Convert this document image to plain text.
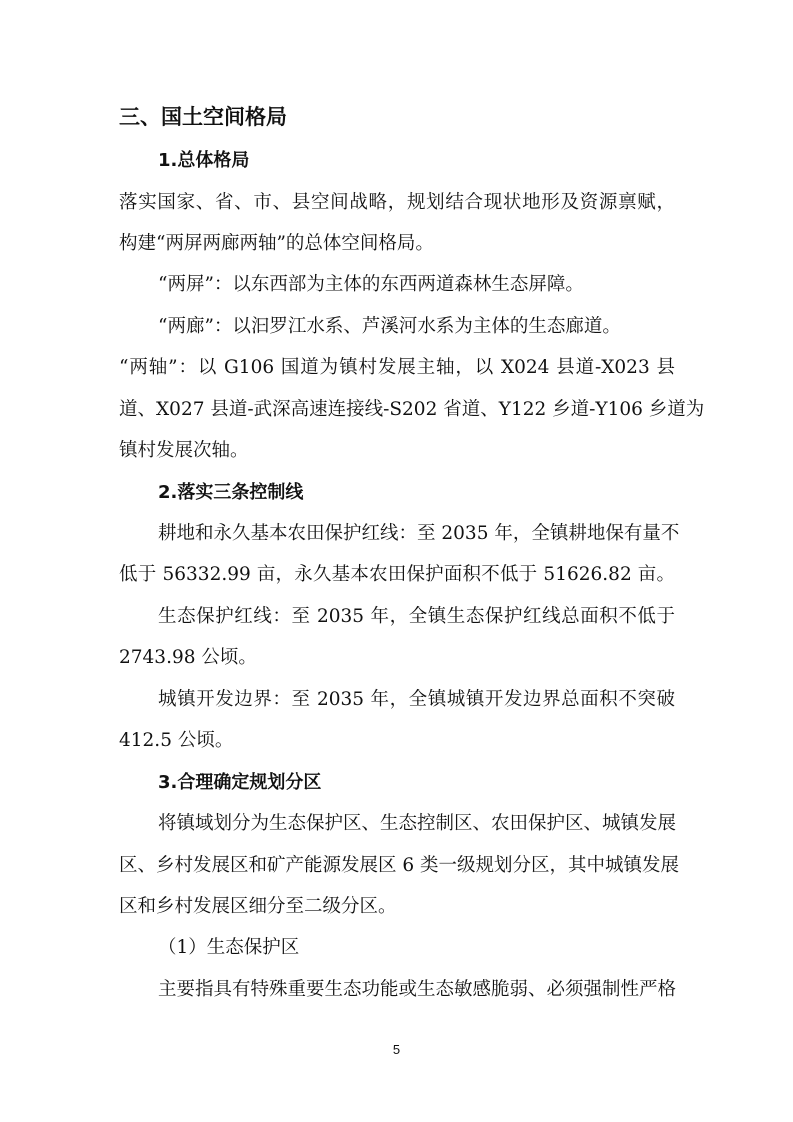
三、国土空间格局
1.总体格局
落实国家、省、市、县空间战略，规划结合现状地形及资源禀赋，
构建“两屏两廊两轴”的总体空间格局。
“两屏”：以东西部为主体的东西两道森林生态屏障。
“两廊”：以汩罗江水系、芦溪河水系为主体的生态廊道。
“两轴”：以 G106 国道为镇村发展主轴，以 X024 县道-X023 县
道、X027 县道-武深高速连接线-S202 省道、Y122 乡道-Y106 乡道为
镇村发展次轴。
2.落实三条控制线
耕地和永久基本农田保护红线：至 2035 年，全镇耕地保有量不
低于 56332.99 亩，永久基本农田保护面积不低于 51626.82 亩。
生态保护红线：至 2035 年，全镇生态保护红线总面积不低于
2743.98 公顷。
城镇开发边界：至 2035 年，全镇城镇开发边界总面积不突破
412.5 公顷。
3.合理确定规划分区
将镇域划分为生态保护区、生态控制区、农田保护区、城镇发展
区、乡村发展区和矿产能源发展区 6 类一级规划分区，其中城镇发展
区和乡村发展区细分至二级分区。
（1）生态保护区
主要指具有特殊重要生态功能或生态敏感脆弱、必须强制性严格
5
